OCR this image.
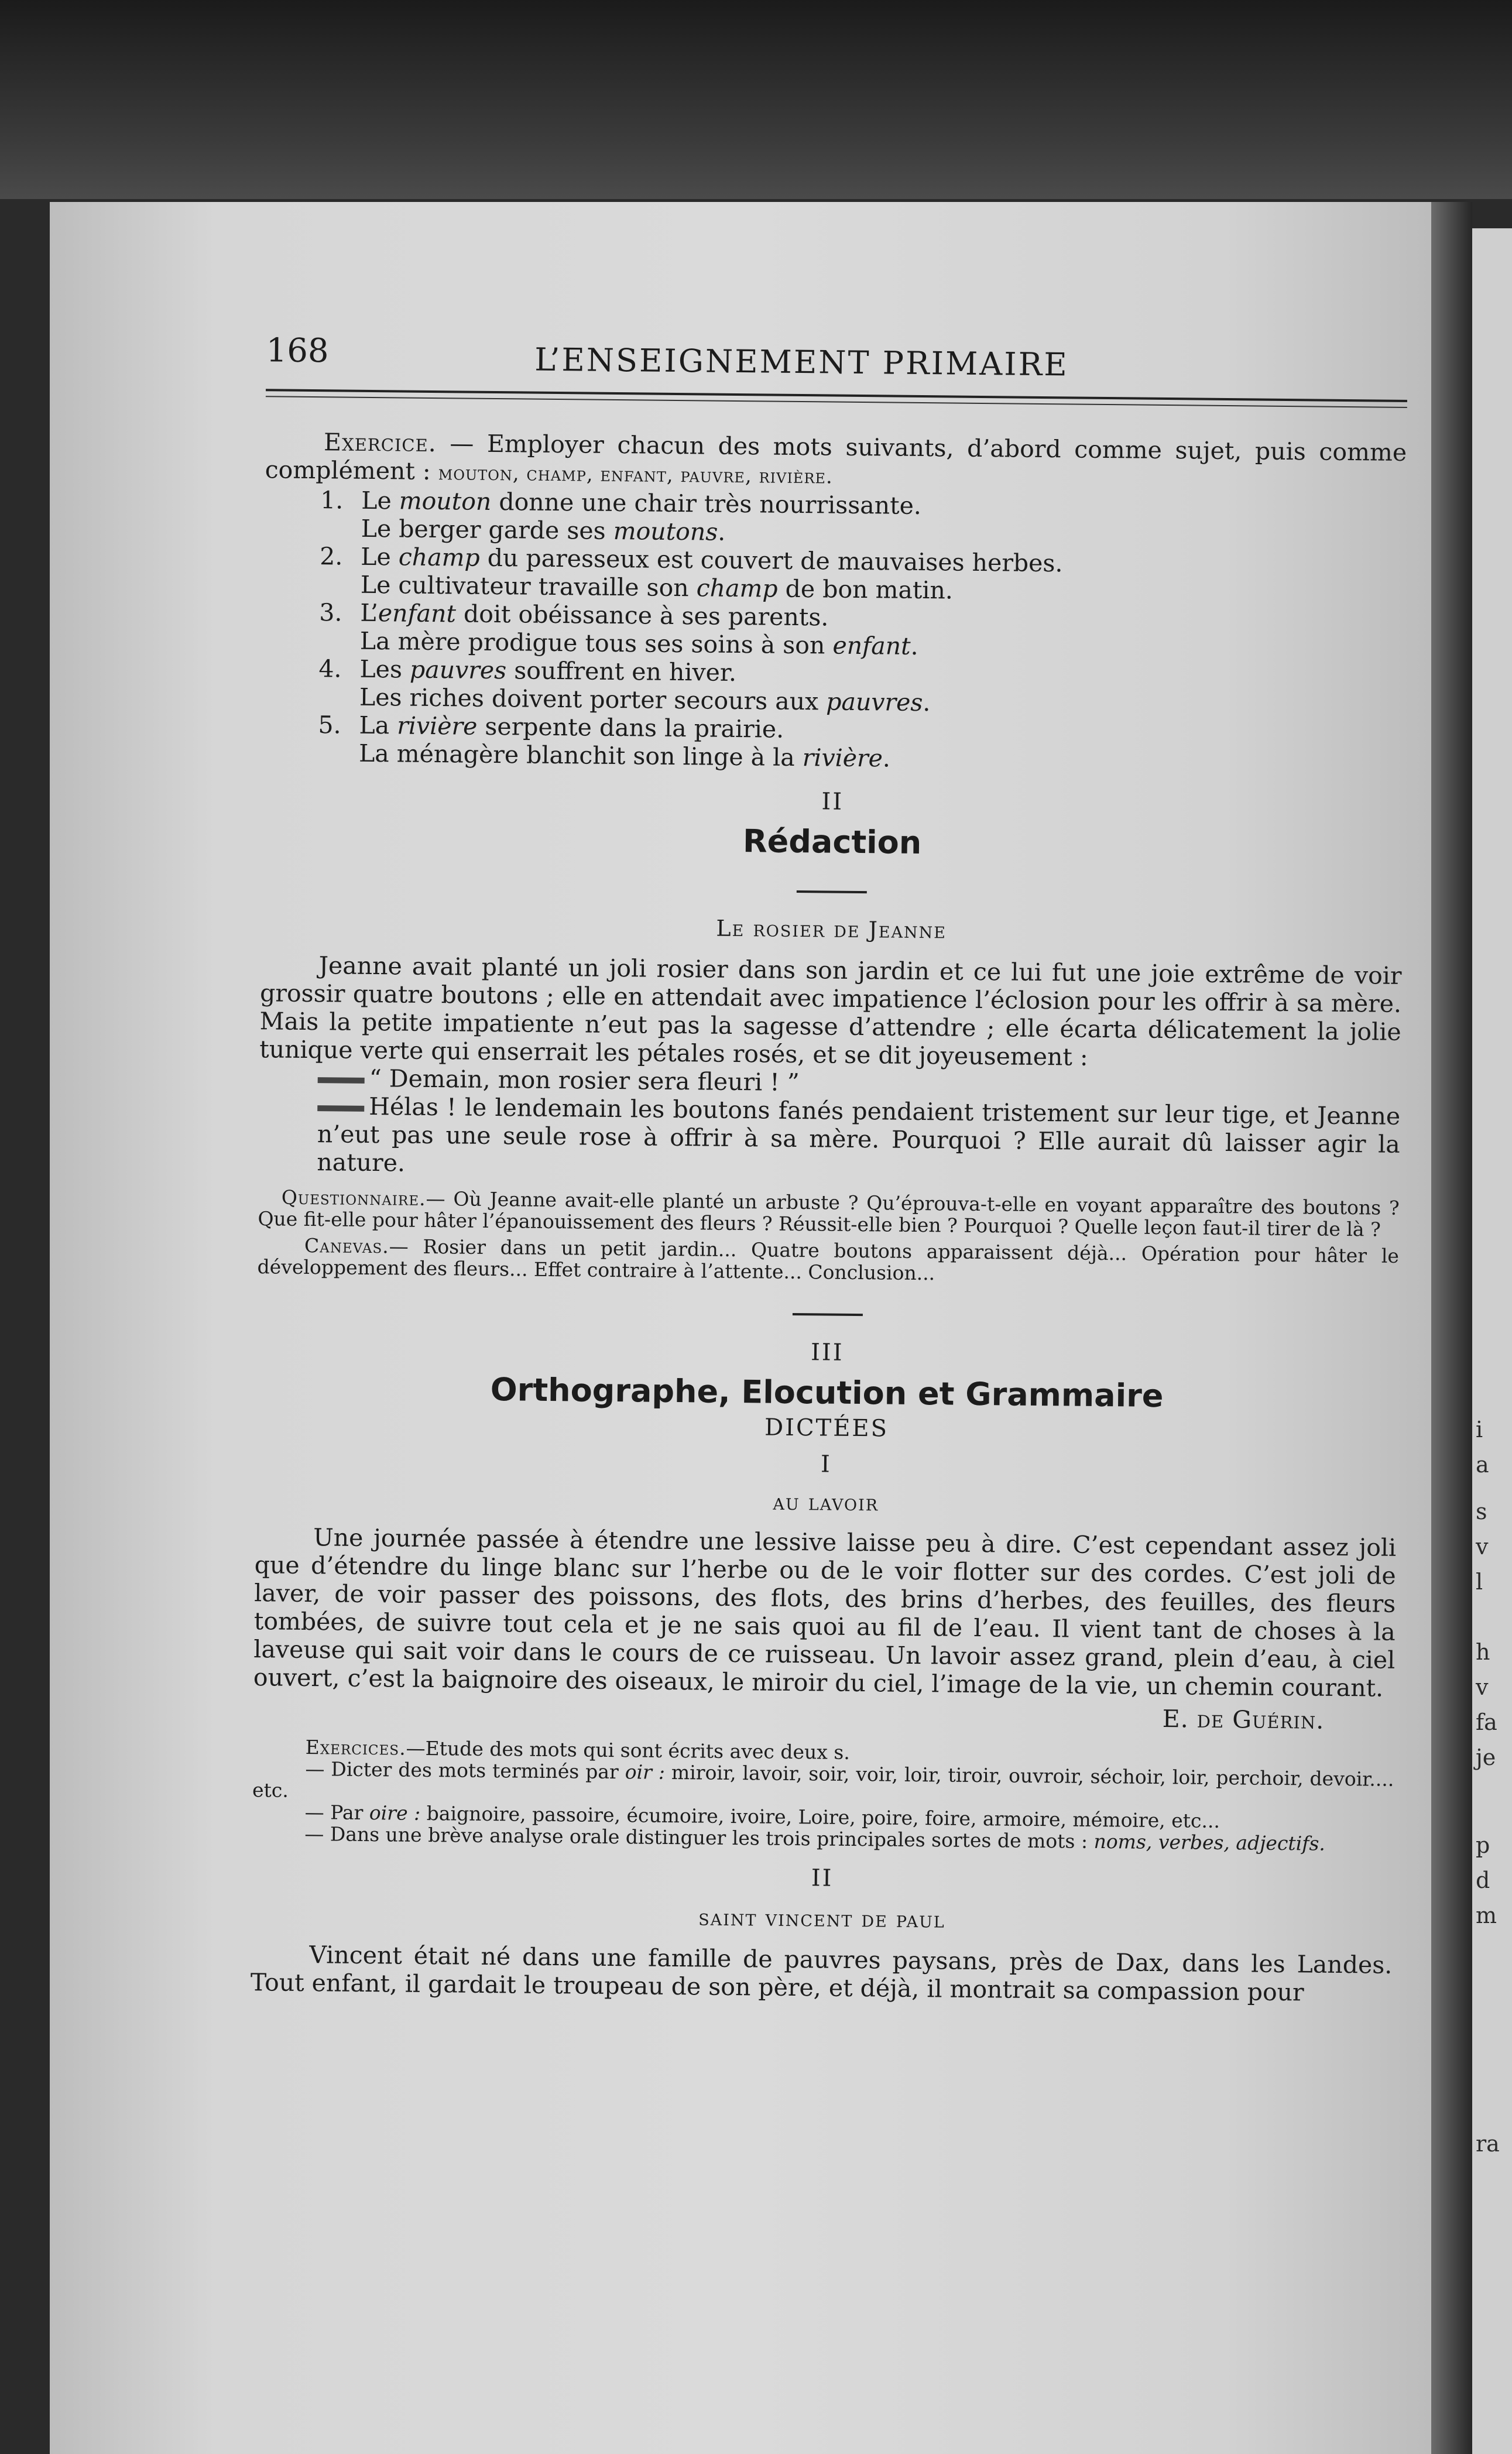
i
a
s
v
l
h
v
fa
je
p
d
m
ra
168	L’ENSEIGNEMENT PRIMAIRE

Exercice. — Employer chacun des mots suivants, d’abord comme sujet, puis comme complément : mouton, champ, enfant, pauvre, rivière.

1. Le mouton donne une chair très nourrissante.
Le berger garde ses moutons.
2. Le champ du paresseux est couvert de mauvaises herbes.
Le cultivateur travaille son champ de bon matin.
3. L’enfant doit obéissance à ses parents.
La mère prodigue tous ses soins à son enfant.
4. Les pauvres souffrent en hiver.
Les riches doivent porter secours aux pauvres.
5. La rivière serpente dans la prairie.
La ménagère blanchit son linge à la rivière.

II

Rédaction

Le rosier de Jeanne

Jeanne avait planté un joli rosier dans son jardin et ce lui fut une joie extrême de voir grossir quatre boutons ; elle en attendait avec impatience l’éclosion pour les offrir à sa mère. Mais la petite impatiente n’eut pas la sagesse d’attendre ; elle écarta délicatement la jolie tunique verte qui enserrait les pétales rosés, et se dit joyeusement :

“ Demain, mon rosier sera fleuri ! ”

Hélas ! le lendemain les boutons fanés pendaient tristement sur leur tige, et Jeanne n’eut pas une seule rose à offrir à sa mère. Pourquoi ? Elle aurait dû laisser agir la nature.

Questionnaire.— Où Jeanne avait-elle planté un arbuste ? Qu’éprouva-t-elle en voyant apparaître des boutons ? Que fit-elle pour hâter l’épanouissement des fleurs ? Réussit-elle bien ? Pourquoi ? Quelle leçon faut-il tirer de là ?

Canevas.— Rosier dans un petit jardin... Quatre boutons apparaissent déjà... Opération pour hâter le développement des fleurs... Effet contraire à l’attente... Conclusion...

III

Orthographe, Elocution et Grammaire

DICTÉES

I

au lavoir

Une journée passée à étendre une lessive laisse peu à dire. C’est cependant assez joli que d’étendre du linge blanc sur l’herbe ou de le voir flotter sur des cordes. C’est joli de laver, de voir passer des poissons, des flots, des brins d’herbes, des feuilles, des fleurs tombées, de suivre tout cela et je ne sais quoi au fil de l’eau. Il vient tant de choses à la laveuse qui sait voir dans le cours de ce ruisseau. Un lavoir assez grand, plein d’eau, à ciel ouvert, c’est la baignoire des oiseaux, le miroir du ciel, l’image de la vie, un chemin courant.

E. de Guérin.

Exercices.—Etude des mots qui sont écrits avec deux s.

— Dicter des mots terminés par oir : miroir, lavoir, soir, voir, loir, tiroir, ouvroir, séchoir, loir, perchoir, devoir.... etc.

— Par oire : baignoire, passoire, écumoire, ivoire, Loire, poire, foire, armoire, mémoire, etc...

— Dans une brève analyse orale distinguer les trois principales sortes de mots : noms, verbes, adjectifs.

II

saint vincent de paul

Vincent était né dans une famille de pauvres paysans, près de Dax, dans les Landes. Tout enfant, il gardait le troupeau de son père, et déjà, il montrait sa compassion pour
